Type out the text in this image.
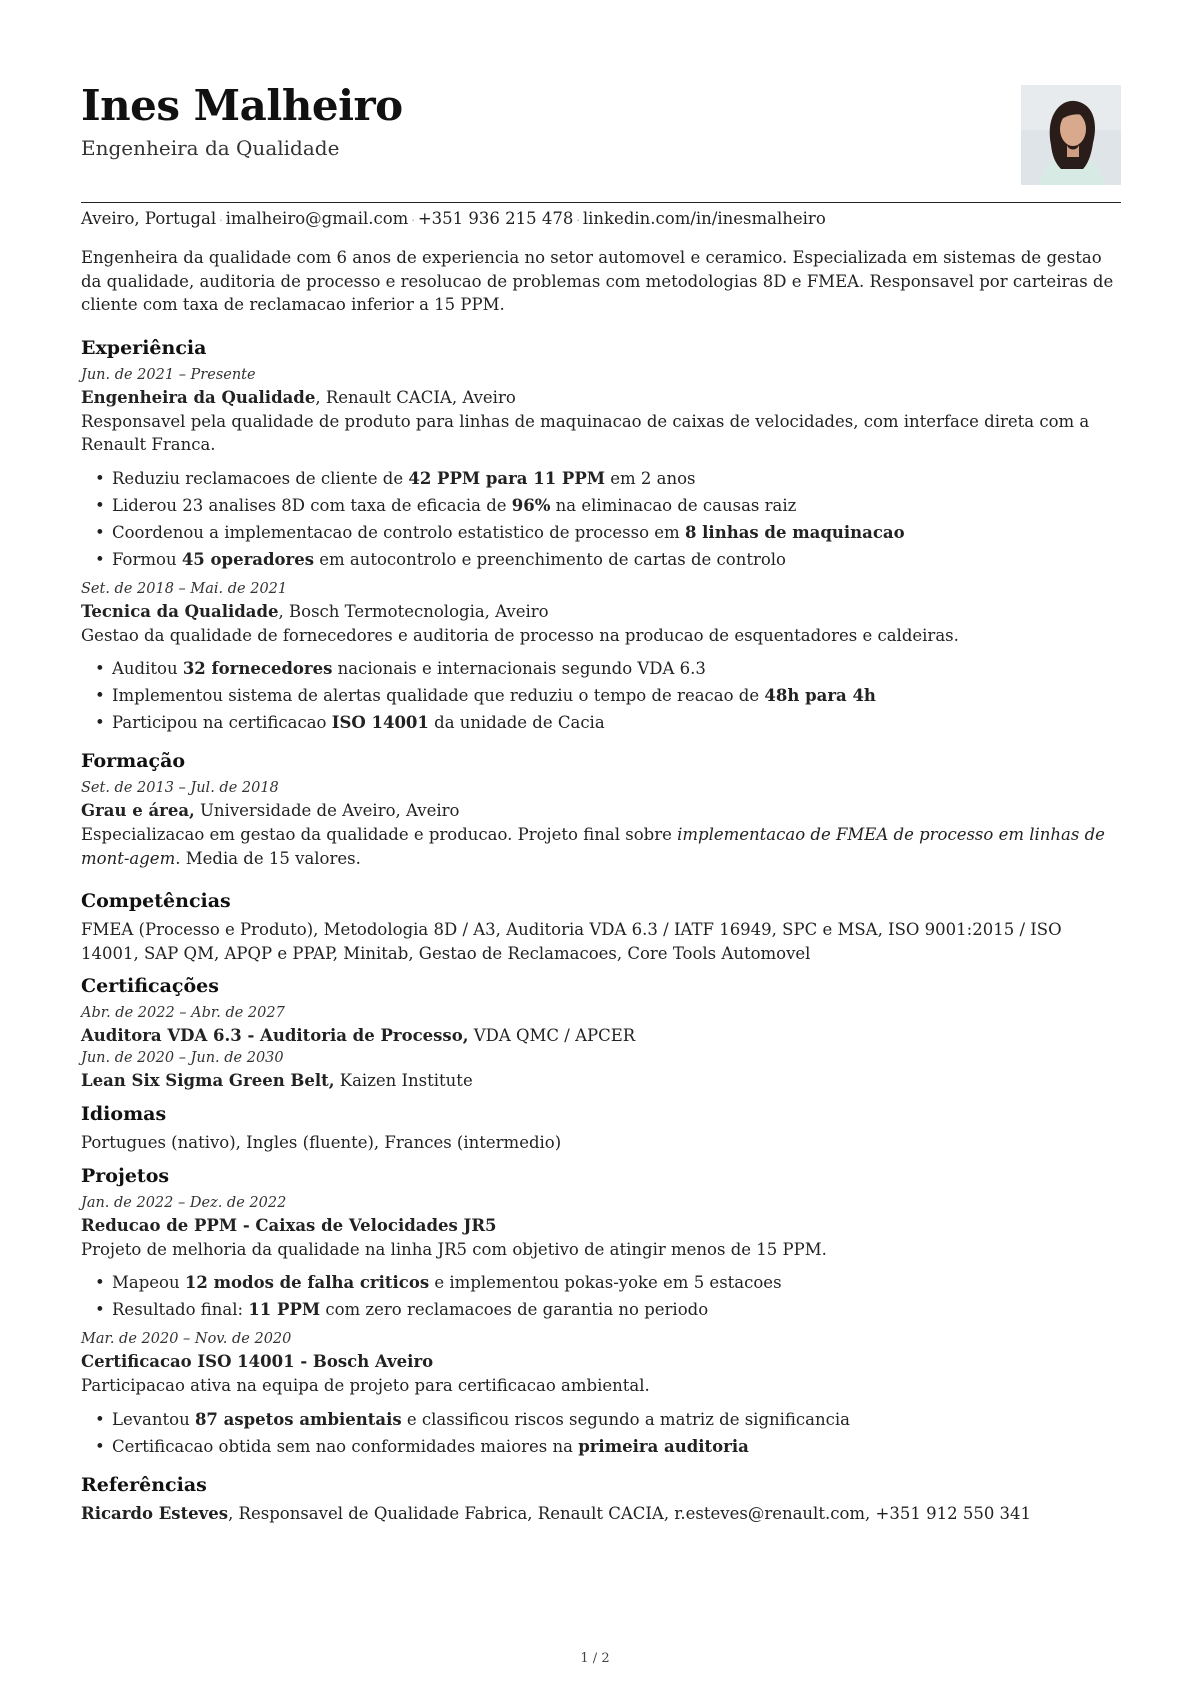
Ines Malheiro
Engenheira da Qualidade
Aveiro, Portugal · imalheiro@gmail.com · +351 936 215 478 · linkedin.com/in/inesmalheiro

Engenheira da qualidade com 6 anos de experiencia no setor automovel e ceramico. Especializada em sistemas de gestao da qualidade, auditoria de processo e resolucao de problemas com metodologias 8D e FMEA. Responsavel por carteiras de cliente com taxa de reclamacao inferior a 15 PPM.

Experiência
Jun. de 2021 – Presente
Engenheira da Qualidade, Renault CACIA, Aveiro

Responsavel pela qualidade de produto para linhas de maquinacao de caixas de velocidades, com interface direta com a Renault Franca.

• Reduziu reclamacoes de cliente de 42 PPM para 11 PPM em 2 anos
• Liderou 23 analises 8D com taxa de eficacia de 96% na eliminacao de causas raiz
• Coordenou a implementacao de controlo estatistico de processo em 8 linhas de maquinacao
• Formou 45 operadores em autocontrolo e preenchimento de cartas de controlo
Set. de 2018 – Mai. de 2021
Tecnica da Qualidade, Bosch Termotecnologia, Aveiro

Gestao da qualidade de fornecedores e auditoria de processo na producao de esquentadores e caldeiras.

• Auditou 32 fornecedores nacionais e internacionais segundo VDA 6.3
• Implementou sistema de alertas qualidade que reduziu o tempo de reacao de 48h para 4h
• Participou na certificacao ISO 14001 da unidade de Cacia
Formação
Set. de 2013 – Jul. de 2018
Grau e área, Universidade de Aveiro, Aveiro

Especializacao em gestao da qualidade e producao. Projeto final sobre implementacao de FMEA de processo em linhas de mont-agem. Media de 15 valores.

Competências

FMEA (Processo e Produto), Metodologia 8D / A3, Auditoria VDA 6.3 / IATF 16949, SPC e MSA, ISO 9001:2015 / ISO 14001, SAP QM, APQP e PPAP, Minitab, Gestao de Reclamacoes, Core Tools Automovel

Certificações
Abr. de 2022 – Abr. de 2027
Auditora VDA 6.3 - Auditoria de Processo, VDA QMC / APCER
Jun. de 2020 – Jun. de 2030
Lean Six Sigma Green Belt, Kaizen Institute
Idiomas

Portugues (nativo), Ingles (fluente), Frances (intermedio)

Projetos
Jan. de 2022 – Dez. de 2022
Reducao de PPM - Caixas de Velocidades JR5

Projeto de melhoria da qualidade na linha JR5 com objetivo de atingir menos de 15 PPM.

• Mapeou 12 modos de falha criticos e implementou pokas-yoke em 5 estacoes
• Resultado final: 11 PPM com zero reclamacoes de garantia no periodo
Mar. de 2020 – Nov. de 2020
Certificacao ISO 14001 - Bosch Aveiro

Participacao ativa na equipa de projeto para certificacao ambiental.

• Levantou 87 aspetos ambientais e classificou riscos segundo a matriz de significancia
• Certificacao obtida sem nao conformidades maiores na primeira auditoria
Referências

Ricardo Esteves, Responsavel de Qualidade Fabrica, Renault CACIA, r.esteves@renault.com, +351 912 550 341

1 / 2
